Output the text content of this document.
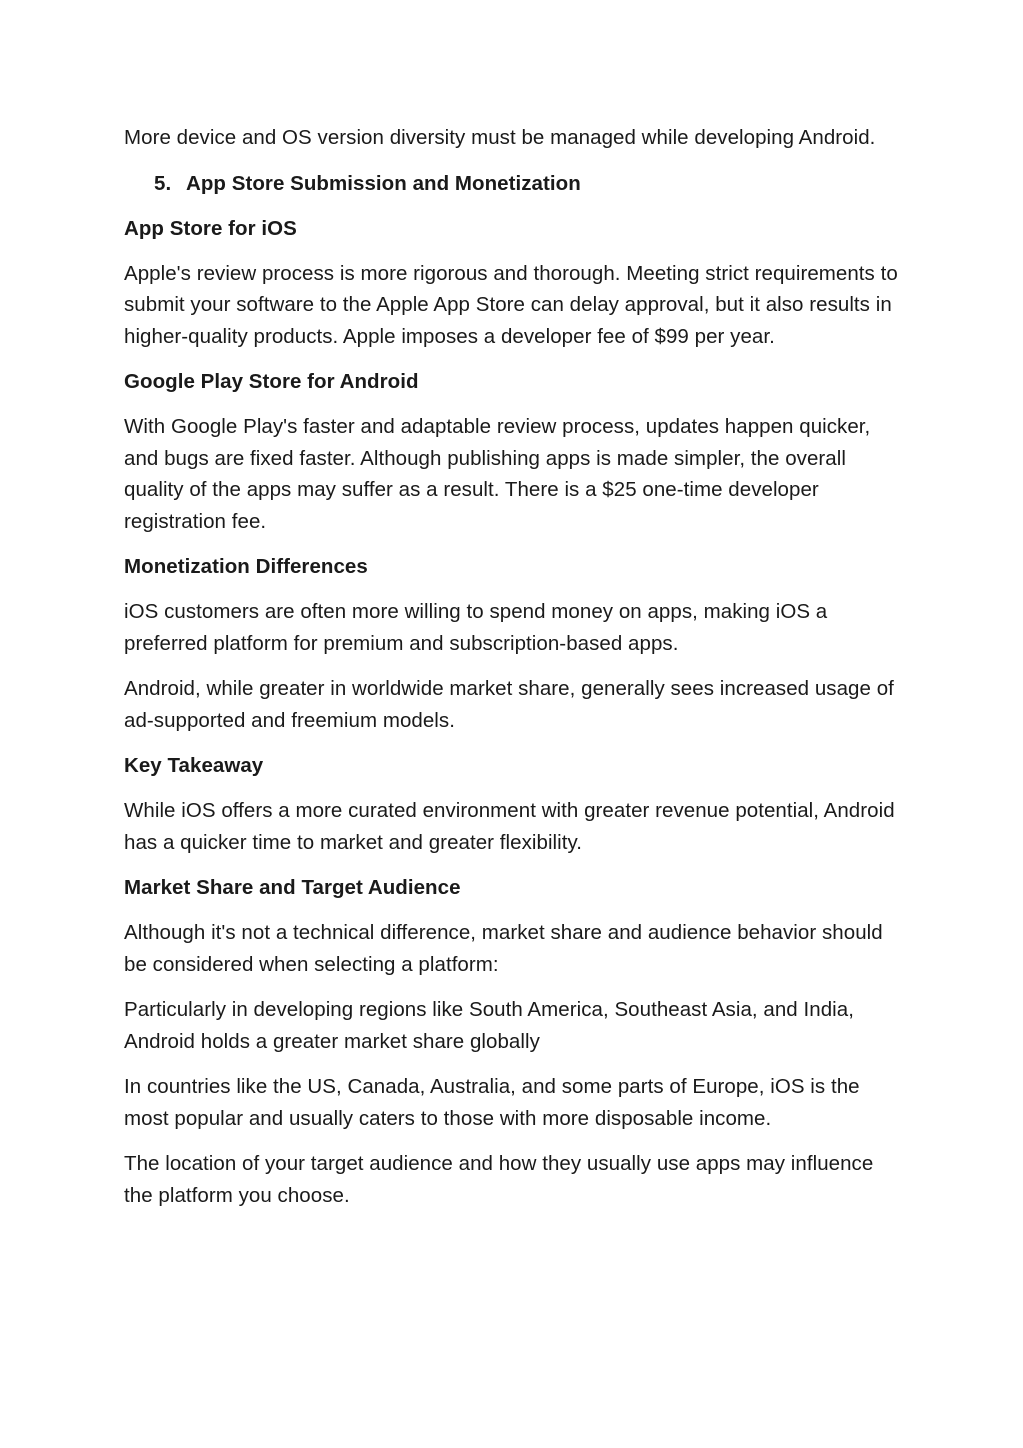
More device and OS version diversity must be managed while developing Android.

5. App Store Submission and Monetization

App Store for iOS

Apple's review process is more rigorous and thorough. Meeting strict requirements to submit your software to the Apple App Store can delay approval, but it also results in higher-quality products. Apple imposes a developer fee of $99 per year.

Google Play Store for Android

With Google Play's faster and adaptable review process, updates happen quicker, and bugs are fixed faster. Although publishing apps is made simpler, the overall quality of the apps may suffer as a result. There is a $25 one-time developer registration fee.

Monetization Differences

iOS customers are often more willing to spend money on apps, making iOS a preferred platform for premium and subscription-based apps.

Android, while greater in worldwide market share, generally sees increased usage of ad-supported and freemium models.

Key Takeaway

While iOS offers a more curated environment with greater revenue potential, Android has a quicker time to market and greater flexibility.

Market Share and Target Audience

Although it's not a technical difference, market share and audience behavior should be considered when selecting a platform:

Particularly in developing regions like South America, Southeast Asia, and India, Android holds a greater market share globally

In countries like the US, Canada, Australia, and some parts of Europe, iOS is the most popular and usually caters to those with more disposable income.

The location of your target audience and how they usually use apps may influence the platform you choose.
